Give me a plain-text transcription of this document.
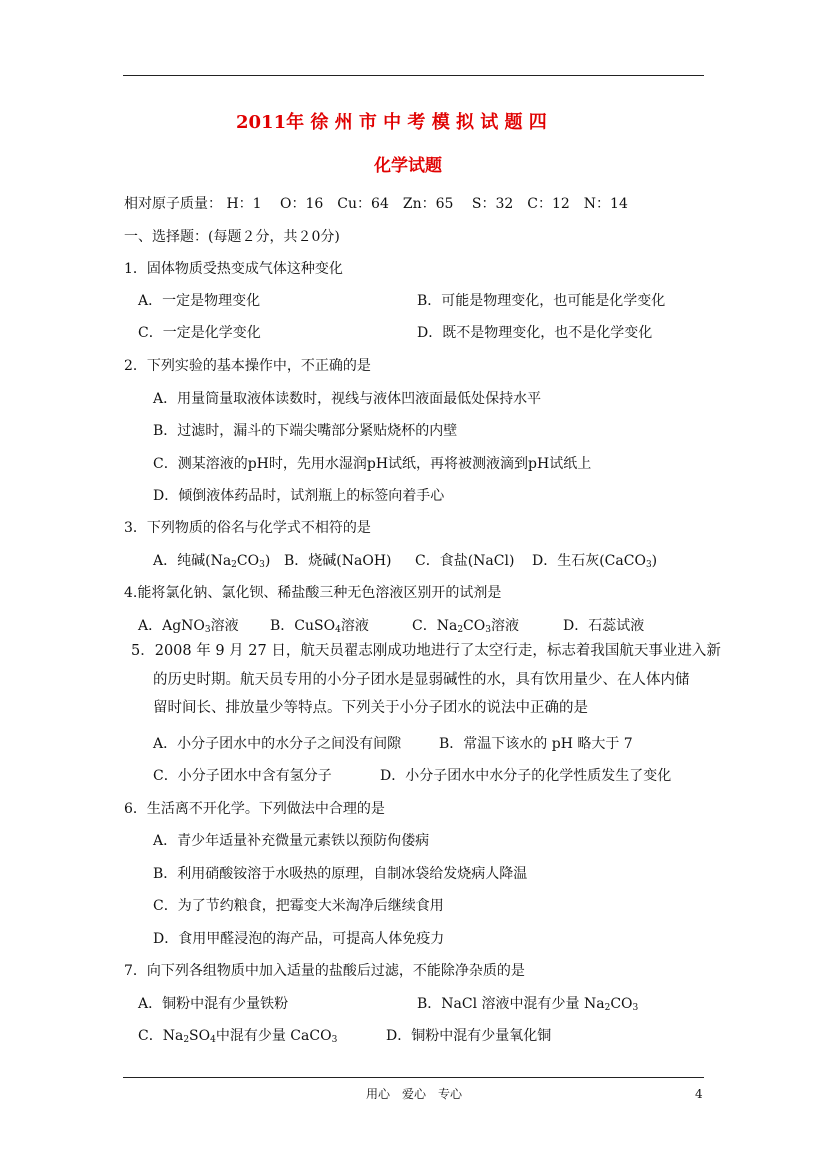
2011年 徐 州 市 中 考 模 拟 试 题 四
化学试题
相对原子质量： H：1　 O：16　Cu：64　Zn：65　 S：32　C：12　N：14
一、选择题：(每题２分，共２0分)
1．固体物质受热变成气体这种变化
A．一定是物理变化	B．可能是物理变化，也可能是化学变化
C．一定是化学变化	D．既不是物理变化，也不是化学变化
2．下列实验的基本操作中，不正确的是
A．用量筒量取液体读数时，视线与液体凹液面最低处保持水平
B．过滤时，漏斗的下端尖嘴部分紧贴烧杯的内壁
C．测某溶液的pH时，先用水湿润pH试纸，再将被测液滴到pH试纸上
D．倾倒液体药品时，试剂瓶上的标签向着手心
3．下列物质的俗名与化学式不相符的是
A．纯碱$(Na_2CO_3)$ B．烧碱(NaOH) C．食盐(NaCl) D．生石灰(CaCO$_3$)
4.能将氯化钠、氯化钡、稀盐酸三种无色溶液区别开的试剂是
A．AgNO$_3$溶液 B．CuSO$_4$溶液	C．$Na_2CO_3$溶液	D．石蕊试液
5．2008 年 9 月 27 日，航天员翟志刚成功地进行了太空行走，标志着我国航天事业进入新
的历史时期。航天员专用的小分子团水是显弱碱性的水，具有饮用量少、在人体内储
留时间长、排放量少等特点。下列关于小分子团水的说法中正确的是
A．小分子团水中的水分子之间没有间隙	B．常温下该水的 pH 略大于 7
C．小分子团水中含有氢分子	D．小分子团水中水分子的化学性质发生了变化
6．生活离不开化学。下列做法中合理的是
A．青少年适量补充微量元素铁以预防佝偻病
B．利用硝酸铵溶于水吸热的原理，自制冰袋给发烧病人降温
C．为了节约粮食，把霉变大米淘净后继续食用
D．食用甲醛浸泡的海产品，可提高人体免疫力
7．向下列各组物质中加入适量的盐酸后过滤，不能除净杂质的是
A．铜粉中混有少量铁粉	B．NaCl 溶液中混有少量 $Na_2CO_3$
C．$Na_2SO_4$中混有少量 CaCO$_3$	D．铜粉中混有少量氧化铜
用心　爱心　专心	4
